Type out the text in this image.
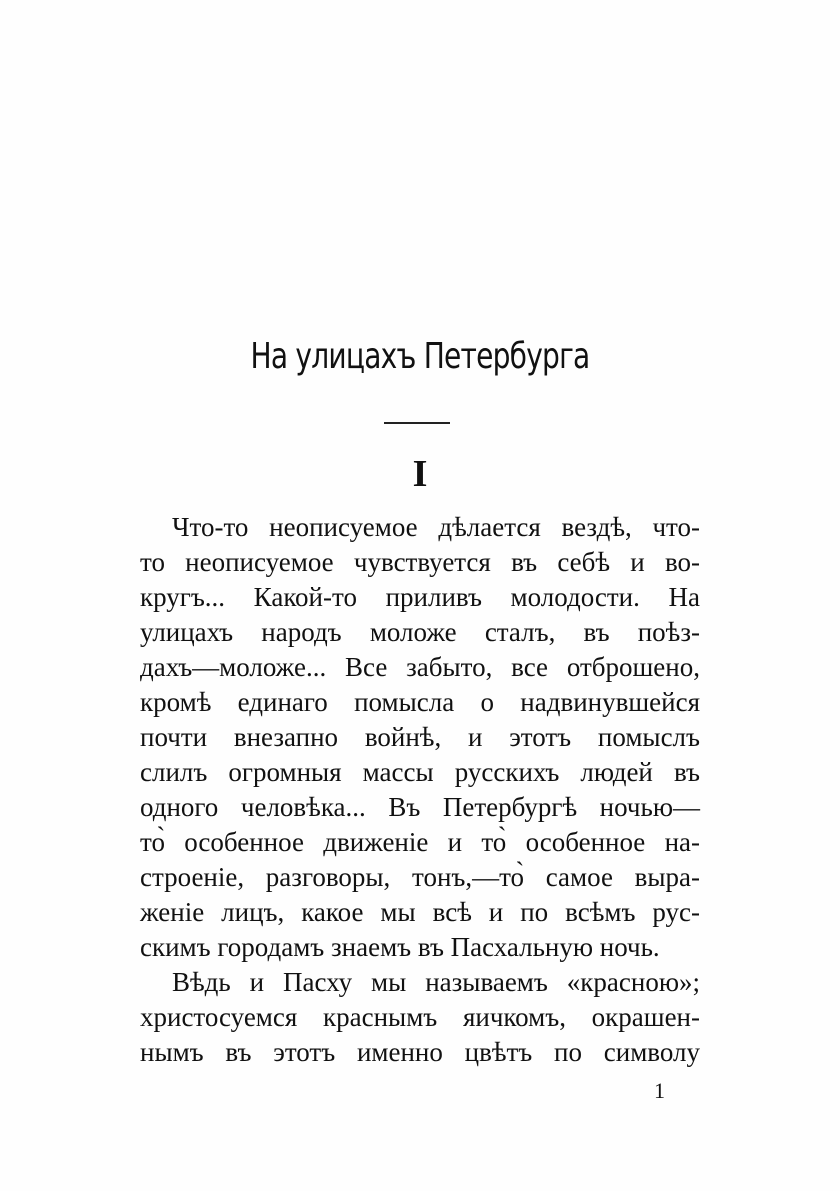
На улицахъ Петербурга
I
Что-то неописуемое дѣлается вездѣ, что-
то неописуемое чувствуется въ себѣ и во-
кругъ... Какой-то приливъ молодости. На
улицахъ народъ моложе сталъ, въ поѣз-
дахъ—моложе... Все забыто, все отброшено,
кромѣ единаго помысла о надвинувшейся
почти внезапно войнѣ, и этотъ помыслъ
слилъ огромныя массы русскихъ людей въ
одного человѣка... Въ Петербургѣ ночью—
то̀ особенное движенiе и то̀ особенное на-
строенiе, разговоры, тонъ,—то̀ самое выра-
женiе лицъ, какое мы всѣ и по всѣмъ рус-
скимъ городамъ знаемъ въ Пасхальную ночь.
Вѣдь и Пасху мы называемъ «красною»;
христосуемся краснымъ яичкомъ, окрашен-
нымъ въ этотъ именно цвѣтъ по символу
1
